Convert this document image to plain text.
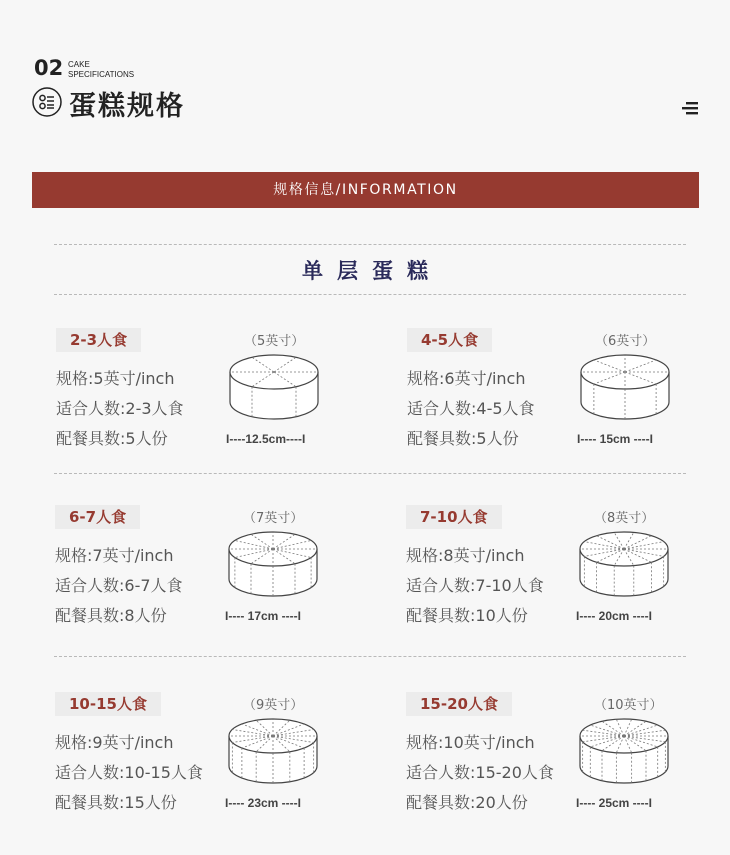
02 CAKE
SPECIFICATIONS
蛋糕规格
规格信息/INFORMATION
单层蛋糕
2-3人食
规格:5英寸/inch
适合人数:2-3人食
配餐具数:5人份
（5英寸）
I----12.5cm----I
4-5人食
规格:6英寸/inch
适合人数:4-5人食
配餐具数:5人份
（6英寸）
I---- 15cm ----I
6-7人食
规格:7英寸/inch
适合人数:6-7人食
配餐具数:8人份
（7英寸）
I---- 17cm ----I
7-10人食
规格:8英寸/inch
适合人数:7-10人食
配餐具数:10人份
（8英寸）
I---- 20cm ----I
10-15人食
规格:9英寸/inch
适合人数:10-15人食
配餐具数:15人份
（9英寸）
I---- 23cm ----I
15-20人食
规格:10英寸/inch
适合人数:15-20人食
配餐具数:20人份
（10英寸）
I---- 25cm ----I
